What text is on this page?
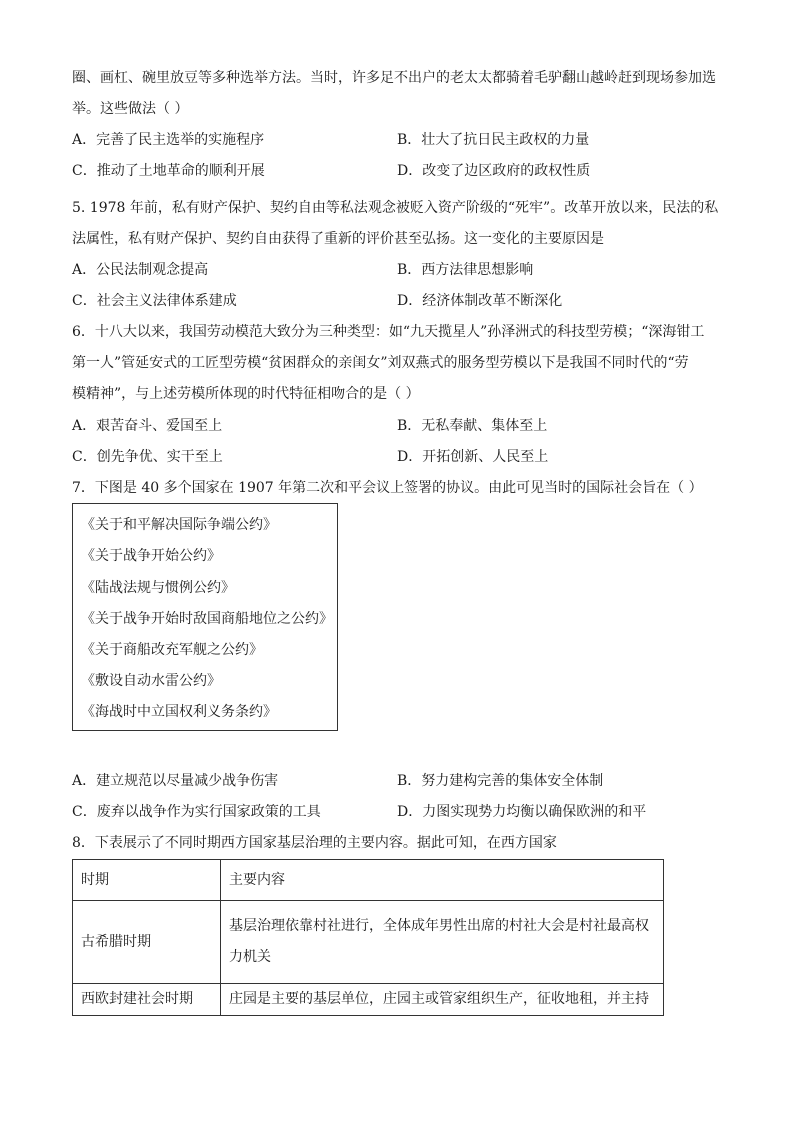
圈、画杠、碗里放豆等多种选举方法。当时，许多足不出户的老太太都骑着毛驴翻山越岭赶到现场参加选
举。这些做法（ ）
A．完善了民主选举的实施程序	B．壮大了抗日民主政权的力量
C．推动了土地革命的顺利开展	D．改变了边区政府的政权性质
5. 1978 年前，私有财产保护、契约自由等私法观念被贬入资产阶级的“死牢”。改革开放以来，民法的私
法属性，私有财产保护、契约自由获得了重新的评价甚至弘扬。这一变化的主要原因是
A．公民法制观念提高	B．西方法律思想影响
C．社会主义法律体系建成	D．经济体制改革不断深化
6．十八大以来，我国劳动模范大致分为三种类型：如“九天揽星人”孙泽洲式的科技型劳模；“深海钳工
第一人”管延安式的工匠型劳模“贫困群众的亲闺女”刘双燕式的服务型劳模以下是我国不同时代的“劳
模精神”，与上述劳模所体现的时代特征相吻合的是（ ）
A．艰苦奋斗、爱国至上	B．无私奉献、集体至上
C．创先争优、实干至上	D．开拓创新、人民至上
7．下图是 40 多个国家在 1907 年第二次和平会议上签署的协议。由此可见当时的国际社会旨在（ ）
《关于和平解决国际争端公约》
《关于战争开始公约》
《陆战法规与惯例公约》
《关于战争开始时敌国商船地位之公约》
《关于商船改充军舰之公约》
《敷设自动水雷公约》
《海战时中立国权利义务条约》
A．建立规范以尽量减少战争伤害	B．努力建构完善的集体安全体制
C．废弃以战争作为实行国家政策的工具	D．力图实现势力均衡以确保欧洲的和平
8．下表展示了不同时期西方国家基层治理的主要内容。据此可知，在西方国家
时期	主要内容
古希腊时期	基层治理依靠村社进行，全体成年男性出席的村社大会是村社最高权力机关
西欧封建社会时期	庄园是主要的基层单位，庄园主或管家组织生产，征收地租，并主持
